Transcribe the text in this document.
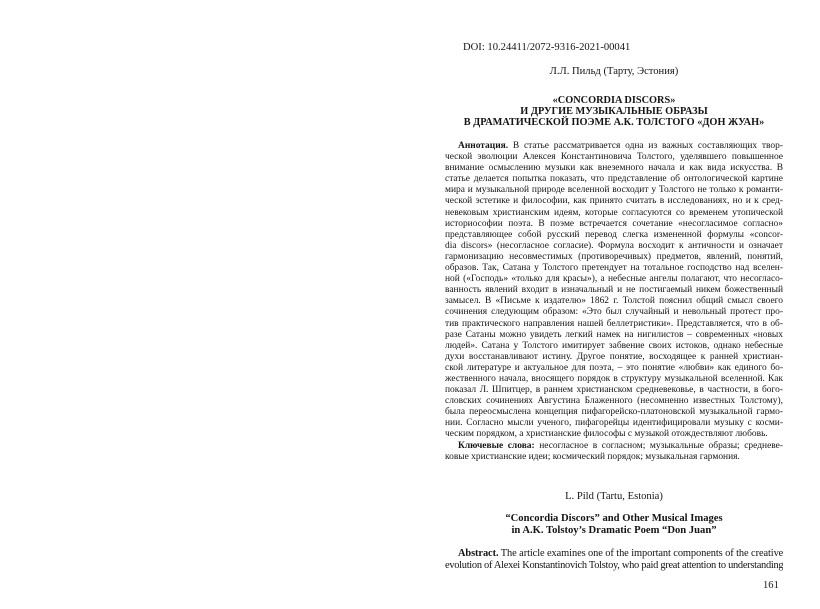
DOI: 10.24411/2072-9316-2021-00041
Л.Л. Пильд (Тарту, Эстония)
«CONCORDIA DISCORS»
И ДРУГИЕ МУЗЫКАЛЬНЫЕ ОБРАЗЫ
В ДРАМАТИЧЕСКОЙ ПОЭМЕ А.К. ТОЛСТОГО «ДОН ЖУАН»
Аннотация. В статье рассматривается одна из важных составляющих твор-
ческой эволюции Алексея Константиновича Толстого, уделявшего повышенное
внимание осмыслению музыки как внеземного начала и как вида искусства. В
статье делается попытка показать, что представление об онтологической картине
мира и музыкальной природе вселенной восходит у Толстого не только к романти-
ческой эстетике и философии, как принято считать в исследованиях, но и к сред-
невековым христианским идеям, которые согласуются со временем утопической
историософии поэта. В поэме встречается сочетание «несогласимое согласно»
представляющее собой русский перевод слегка измененной формулы «concor-
dia discors» (несогласное согласие). Формула восходит к античности и означает
гармонизацию несовместимых (противоречивых) предметов, явлений, понятий,
образов. Так, Сатана у Толстого претендует на тотальное господство над вселен-
ной («Господь» «только для красы»), а небесные ангелы полагают, что несогласо-
ванность явлений входит в изначальный и не постигаемый никем божественный
замысел. В «Письме к издателю» 1862 г. Толстой пояснил общий смысл своего
сочинения следующим образом: «Это был случайный и невольный протест про-
тив практического направления нашей беллетристики». Представляется, что в об-
разе Сатаны можно увидеть легкий намек на нигилистов – современных «новых
людей». Сатана у Толстого имитирует забвение своих истоков, однако небесные
духи восстанавливают истину. Другое понятие, восходящее к ранней христиан-
ской литературе и актуальное для поэта, – это понятие «любви» как единого бо-
жественного начала, вносящего порядок в структуру музыкальной вселенной. Как
показал Л. Шпитцер, в раннем христианском средневековье, в частности, в бого-
словских сочинениях Августина Блаженного (несомненно известных Толстому),
была переосмыслена концепция пифагорейско-платоновской музыкальной гармо-
нии. Согласно мысли ученого, пифагорейцы идентифицировали музыку с косми-
ческим порядком, а христианские философы с музыкой отождествляют любовь.
Ключевые слова: несогласное в согласном; музыкальные образы; средневе-
ковые христианские идеи; космический порядок; музыкальная гармония.
L. Pild (Tartu, Estonia)
“Concordia Discors” and Other Musical Images
in A.K. Tolstoy’s Dramatic Poem “Don Juan”
Abstract. The article examines one of the important components of the creative
evolution of Alexei Konstantinovich Tolstoy, who paid great attention to understanding
161
